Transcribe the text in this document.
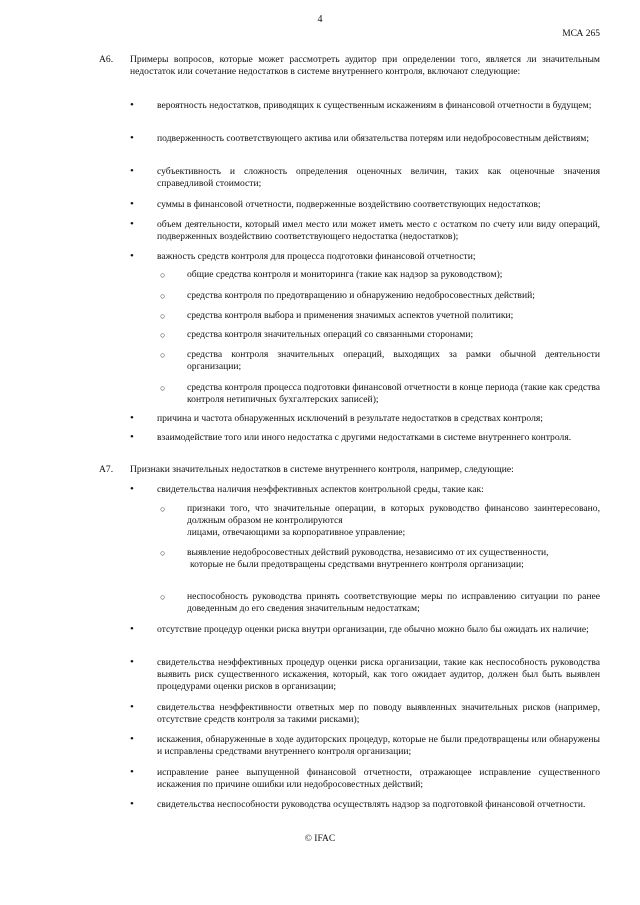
4
МСА 265
А6. Примеры вопросов, которые может рассмотреть аудитор при определении того, является ли значительным недостаток или сочетание недостатков в системе внутреннего контроля, включают следующие:
• вероятность недостатков, приводящих к существенным искажениям в финансовой отчетности в будущем;
• подверженность соответствующего актива или обязательства потерям или недобросовестным действиям;
• субъективность и сложность определения оценочных величин, таких как оценочные значения справедливой стоимости;
• суммы в финансовой отчетности, подверженные воздействию соответствующих недостатков;
• объем деятельности, который имел место или может иметь место с остатком по счету или виду операций, подверженных воздействию соответствующего недостатка (недостатков);
• важность средств контроля для процесса подготовки финансовой отчетности;
○ общие средства контроля и мониторинга (такие как надзор за руководством);
○ средства контроля по предотвращению и обнаружению недобросовестных действий;
○ средства контроля выбора и применения значимых аспектов учетной политики;
○ средства контроля значительных операций со связанными сторонами;
○ средства контроля значительных операций, выходящих за рамки обычной деятельности организации;
○ средства контроля процесса подготовки финансовой отчетности в конце периода (такие как средства контроля нетипичных бухгалтерских записей);
• причина и частота обнаруженных исключений в результате недостатков в средствах контроля;
• взаимодействие того или иного недостатка с другими недостатками в системе внутреннего контроля.
А7. Признаки значительных недостатков в системе внутреннего контроля, например, следующие:
• свидетельства наличия неэффективных аспектов контрольной среды, такие как:
○ признаки того, что значительные операции, в которых руководство финансово заинтересовано, должным образом не контролируются
лицами, отвечающими за корпоративное управление;
○ выявление недобросовестных действий руководства, независимо от их существенности,
которые не были предотвращены средствами внутреннего контроля организации;
○ неспособность руководства принять соответствующие меры по исправлению ситуации по ранее доведенным до его сведения значительным недостаткам;
• отсутствие процедур оценки риска внутри организации, где обычно можно было бы ожидать их наличие;
• свидетельства неэффективных процедур оценки риска организации, такие как неспособность руководства выявить риск существенного искажения, который, как того ожидает аудитор, должен был быть выявлен процедурами оценки рисков в организации;
• свидетельства неэффективности ответных мер по поводу выявленных значительных рисков (например, отсутствие средств контроля за такими рисками);
• искажения, обнаруженные в ходе аудиторских процедур, которые не были предотвращены или обнаружены и исправлены средствами внутреннего контроля организации;
• исправление ранее выпущенной финансовой отчетности, отражающее исправление существенного искажения по причине ошибки или недобросовестных действий;
• свидетельства неспособности руководства осуществлять надзор за подготовкой финансовой отчетности.
© IFAC
